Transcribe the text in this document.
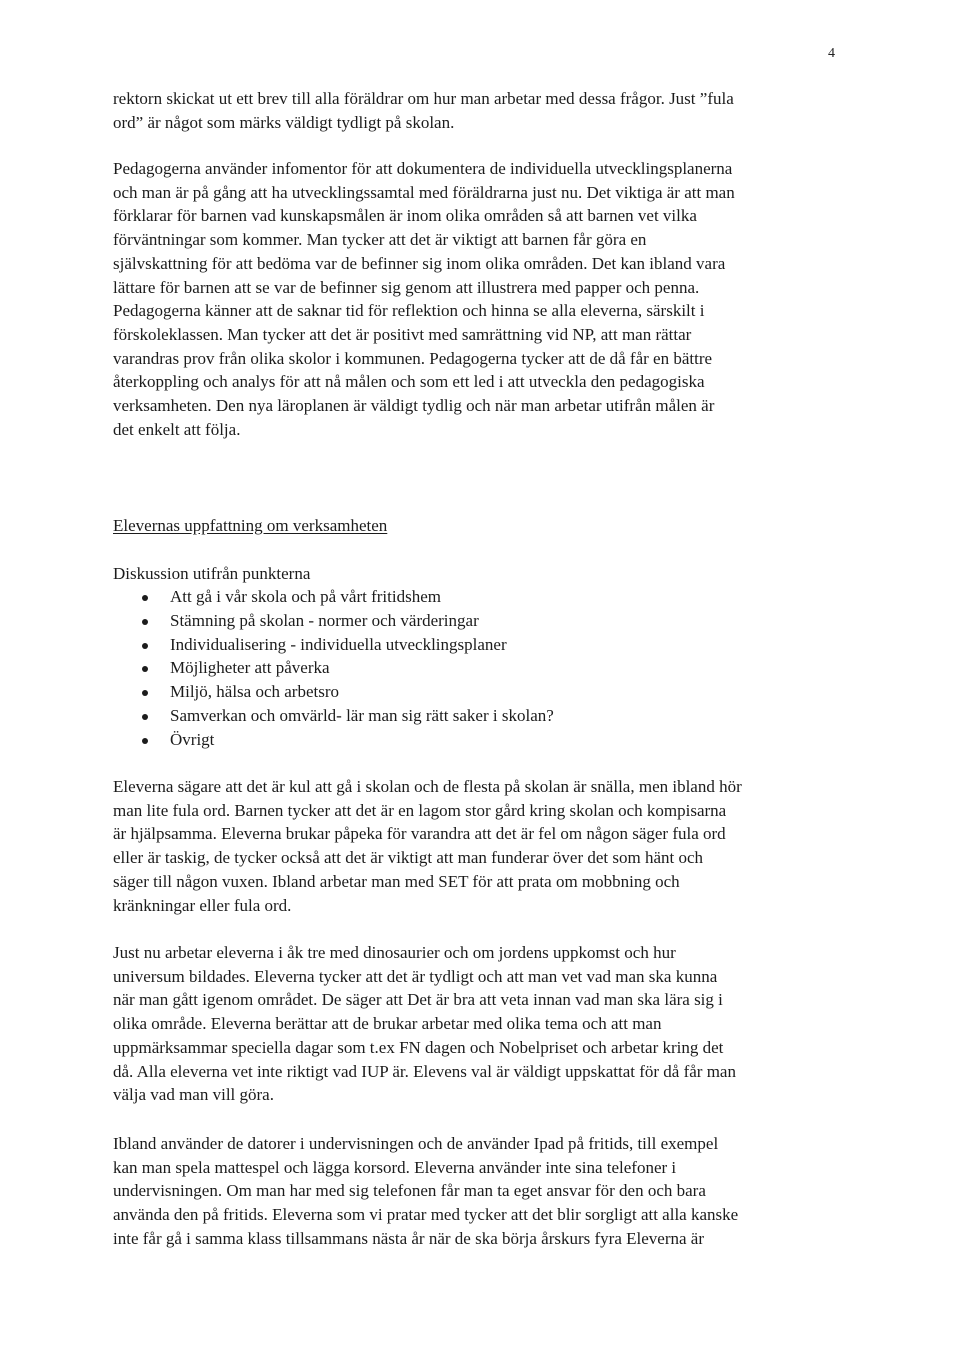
4

rektorn skickat ut ett brev till alla föräldrar om hur man arbetar med dessa frågor. Just ”fula
ord” är något som märks väldigt tydligt på skolan.

Pedagogerna använder infomentor för att dokumentera de individuella utvecklingsplanerna
och man är på gång att ha utvecklingssamtal med föräldrarna just nu. Det viktiga är att man
förklarar för barnen vad kunskapsmålen är inom olika områden så att barnen vet vilka
förväntningar som kommer. Man tycker att det är viktigt att barnen får göra en
självskattning för att bedöma var de befinner sig inom olika områden. Det kan ibland vara
lättare för barnen att se var de befinner sig genom att illustrera med papper och penna.
Pedagogerna känner att de saknar tid för reflektion och hinna se alla eleverna, särskilt i
förskoleklassen. Man tycker att det är positivt med samrättning vid NP, att man rättar
varandras prov från olika skolor i kommunen. Pedagogerna tycker att de då får en bättre
återkoppling och analys för att nå målen och som ett led i att utveckla den pedagogiska
verksamheten. Den nya läroplanen är väldigt tydlig och när man arbetar utifrån målen är
det enkelt att följa.

Elevernas uppfattning om verksamheten

Diskussion utifrån punkterna

Att gå i vår skola och på vårt fritidshem
Stämning på skolan - normer och värderingar
Individualisering - individuella utvecklingsplaner
Möjligheter att påverka
Miljö, hälsa och arbetsro
Samverkan och omvärld- lär man sig rätt saker i skolan?
Övrigt

Eleverna sägare att det är kul att gå i skolan och de flesta på skolan är snälla, men ibland hör
man lite fula ord. Barnen tycker att det är en lagom stor gård kring skolan och kompisarna
är hjälpsamma. Eleverna brukar påpeka för varandra att det är fel om någon säger fula ord
eller är taskig, de tycker också att det är viktigt att man funderar över det som hänt och
säger till någon vuxen. Ibland arbetar man med SET för att prata om mobbning och
kränkningar eller fula ord.

Just nu arbetar eleverna i åk tre med dinosaurier och om jordens uppkomst och hur
universum bildades. Eleverna tycker att det är tydligt och att man vet vad man ska kunna
när man gått igenom området. De säger att Det är bra att veta innan vad man ska lära sig i
olika område. Eleverna berättar att de brukar arbetar med olika tema och att man
uppmärksammar speciella dagar som t.ex FN dagen och Nobelpriset och arbetar kring det
då. Alla eleverna vet inte riktigt vad IUP är. Elevens val är väldigt uppskattat för då får man
välja vad man vill göra.

Ibland använder de datorer i undervisningen och de använder Ipad på fritids, till exempel
kan man spela mattespel och lägga korsord. Eleverna använder inte sina telefoner i
undervisningen. Om man har med sig telefonen får man ta eget ansvar för den och bara
använda den på fritids. Eleverna som vi pratar med tycker att det blir sorgligt att alla kanske
inte får gå i samma klass tillsammans nästa år när de ska börja årskurs fyra Eleverna är
